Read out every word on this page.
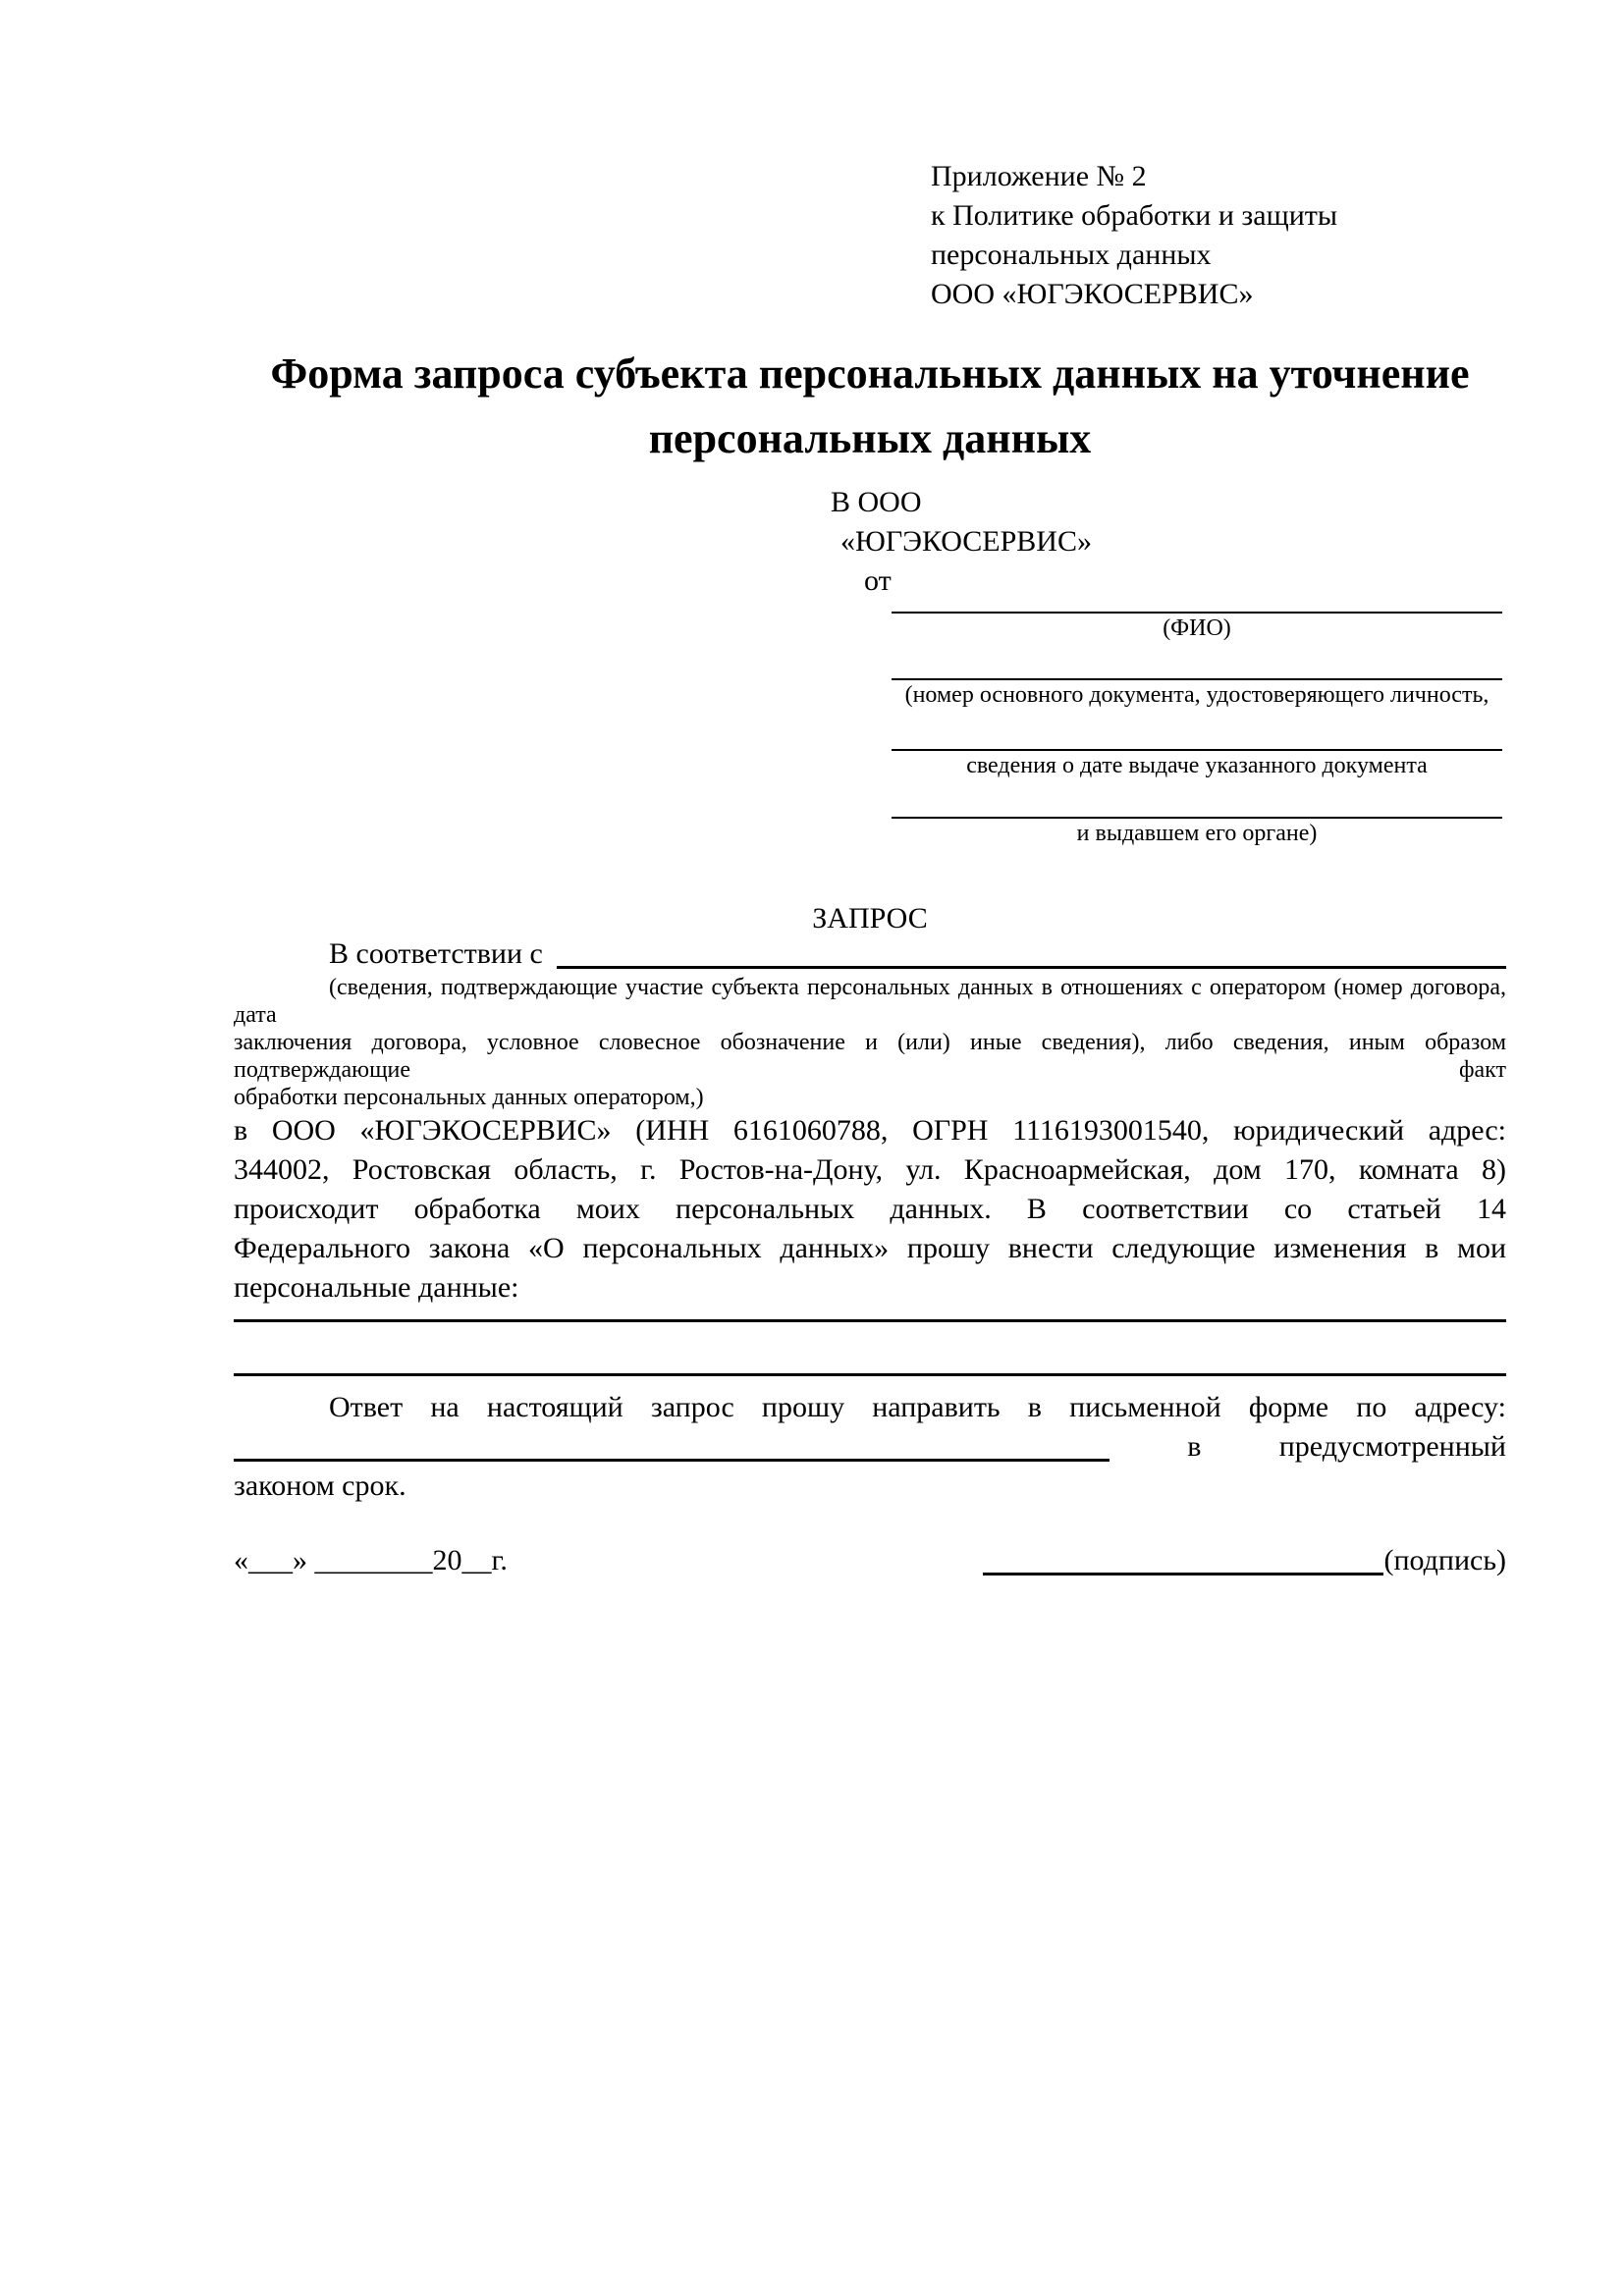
Приложение № 2
к Политике обработки и защиты персональных данных
ООО «ЮГЭКОСЕРВИС»
Форма запроса субъекта персональных данных на уточнение персональных данных
В ООО
«ЮГЭКОСЕРВИС»
от
(ФИО)
(номер основного документа, удостоверяющего личность,
сведения о дате выдаче указанного документа
и выдавшем его органе)
ЗАПРОС
В соответствии с
(сведения, подтверждающие участие субъекта персональных данных в отношениях с оператором (номер договора, дата
заключения договора, условное словесное обозначение и (или) иные сведения), либо сведения, иным образом подтверждающие факт
обработки персональных данных оператором,)
в ООО «ЮГЭКОСЕРВИС» (ИНН 6161060788, ОГРН 1116193001540, юридический адрес:
344002, Ростовская область, г. Ростов-на-Дону, ул. Красноармейская, дом 170, комната 8)
происходит обработка моих персональных данных. В соответствии со статьей 14
Федерального закона «О персональных данных» прошу внести следующие изменения в мои
персональные данные:
Ответ на настоящий запрос прошу направить в письменной форме по адресу:
в	предусмотренный
законом срок.
«___» ________20__г.	(подпись)
